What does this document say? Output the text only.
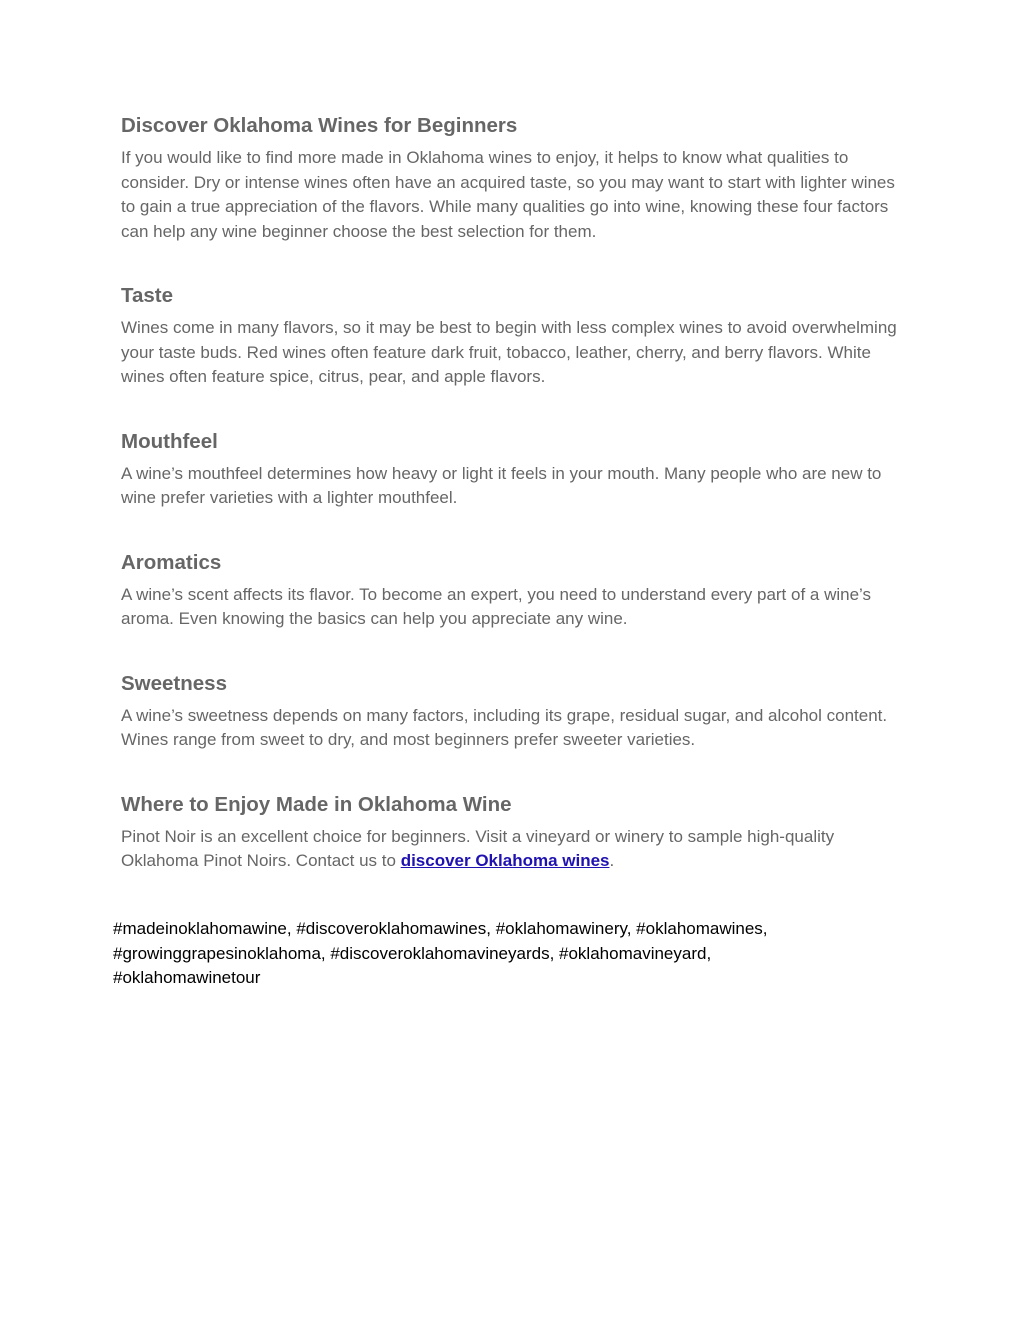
Discover Oklahoma Wines for Beginners

If you would like to find more made in Oklahoma wines to enjoy, it helps to know what qualities to consider. Dry or intense wines often have an acquired taste, so you may want to start with lighter wines to gain a true appreciation of the flavors. While many qualities go into wine, knowing these four factors can help any wine beginner choose the best selection for them.

Taste

Wines come in many flavors, so it may be best to begin with less complex wines to avoid overwhelming your taste buds. Red wines often feature dark fruit, tobacco, leather, cherry, and berry flavors. White wines often feature spice, citrus, pear, and apple flavors.

Mouthfeel

A wine’s mouthfeel determines how heavy or light it feels in your mouth. Many people who are new to wine prefer varieties with a lighter mouthfeel.

Aromatics

A wine’s scent affects its flavor. To become an expert, you need to understand every part of a wine’s aroma. Even knowing the basics can help you appreciate any wine.

Sweetness

A wine’s sweetness depends on many factors, including its grape, residual sugar, and alcohol content. Wines range from sweet to dry, and most beginners prefer sweeter varieties.

Where to Enjoy Made in Oklahoma Wine

Pinot Noir is an excellent choice for beginners. Visit a vineyard or winery to sample high-quality Oklahoma Pinot Noirs. Contact us to discover Oklahoma wines.

#madeinoklahomawine, #discoveroklahomawines, #oklahomawinery, #oklahomawines,
#growinggrapesinoklahoma, #discoveroklahomavineyards, #oklahomavineyard,
#oklahomawinetour
